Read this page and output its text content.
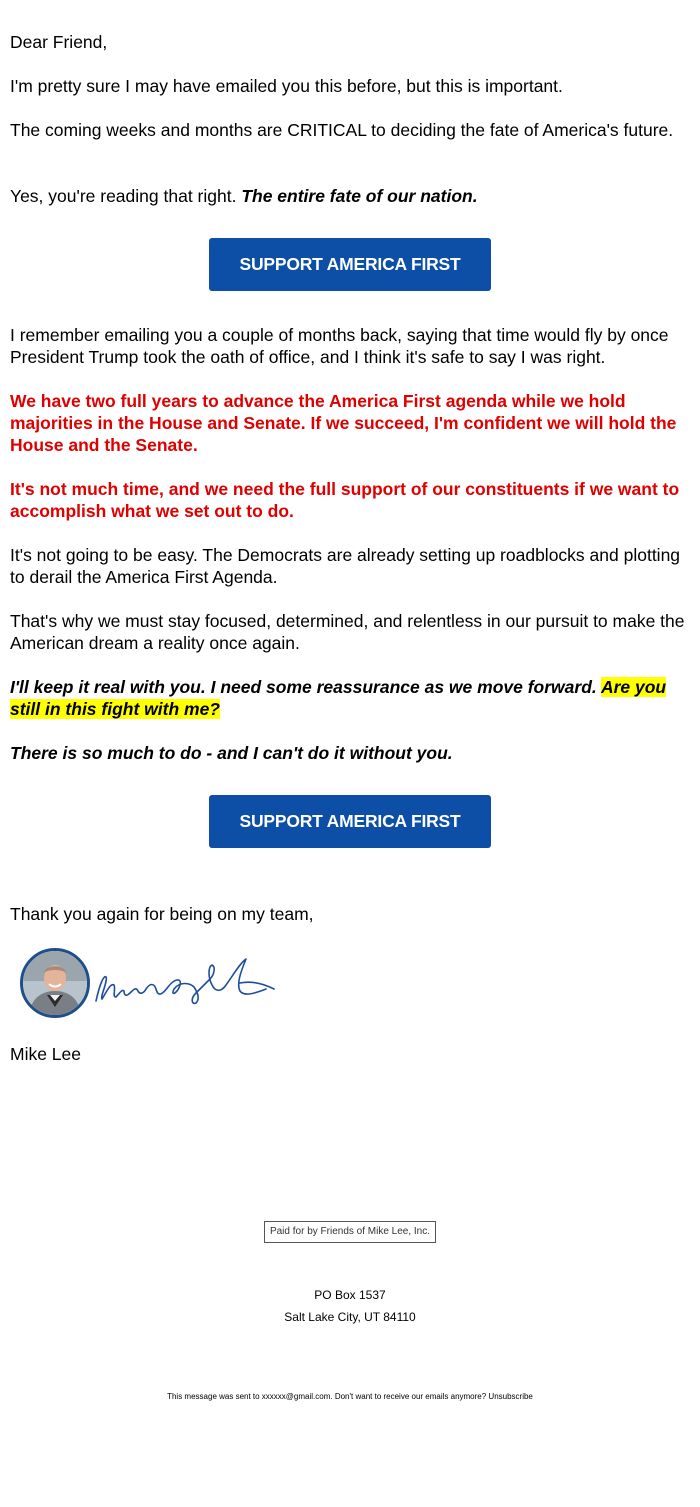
Dear Friend,

I'm pretty sure I may have emailed you this before, but this is important.

The coming weeks and months are CRITICAL to deciding the fate of America's future.

Yes, you're reading that right. The entire fate of our nation.

SUPPORT AMERICA FIRST

I remember emailing you a couple of months back, saying that time would fly by once President Trump took the oath of office, and I think it's safe to say I was right.

We have two full years to advance the America First agenda while we hold majorities in the House and Senate. If we succeed, I'm confident we will hold the House and the Senate.

It's not much time, and we need the full support of our constituents if we want to accomplish what we set out to do.

It's not going to be easy. The Democrats are already setting up roadblocks and plotting to derail the America First Agenda.

That's why we must stay focused, determined, and relentless in our pursuit to make the American dream a reality once again.

I'll keep it real with you. I need some reassurance as we move forward. Are you still in this fight with me?

There is so much to do - and I can't do it without you.

SUPPORT AMERICA FIRST

Thank you again for being on my team,

Mike Lee

Paid for by Friends of Mike Lee, Inc.
PO Box 1537
Salt Lake City, UT 84110
This message was sent to xxxxxx@gmail.com. Don't want to receive our emails anymore? Unsubscribe
